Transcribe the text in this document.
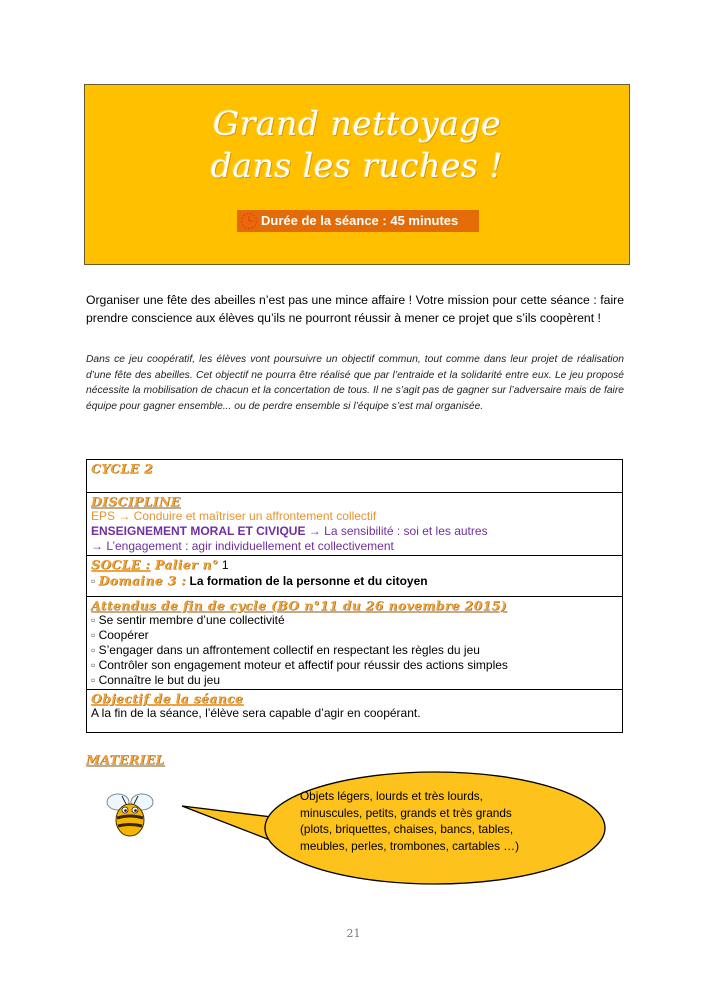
Grand nettoyage
dans les ruches !
Durée de la séance : 45 minutes

Organiser une fête des abeilles n’est pas une mince affaire ! Votre mission pour cette séance : faire prendre conscience aux élèves qu’ils ne pourront réussir à mener ce projet que s’ils coopèrent !

Dans ce jeu coopératif, les élèves vont poursuivre un objectif commun, tout comme dans leur projet de réalisation d’une fête des abeilles. Cet objectif ne pourra être réalisé que par l’entraide et la solidarité entre eux. Le jeu proposé nécessite la mobilisation de chacun et la concertation de tous. Il ne s’agit pas de gagner sur l’adversaire mais de faire équipe pour gagner ensemble... ou de perdre ensemble si l’équipe s’est mal organisée.

CYCLE 2

DISCIPLINE
EPS → Conduire et maîtriser un affrontement collectif
ENSEIGNEMENT MORAL ET CIVIQUE → La sensibilité : soi et les autres
→ L’engagement : agir individuellement et collectivement

SOCLE : Palier n° 1
▫ Domaine 3 : La formation de la personne et du citoyen

Attendus de fin de cycle (BO n°11 du 26 novembre 2015)
▫ Se sentir membre d’une collectivité
▫ Coopérer
▫ S’engager dans un affrontement collectif en respectant les règles du jeu
▫ Contrôler son engagement moteur et affectif pour réussir des actions simples
▫ Connaître le but du jeu

Objectif de la séance
A la fin de la séance, l’élève sera capable d’agir en coopérant.
MATERIEL
Objets légers, lourds et très lourds,
minuscules, petits, grands et très grands
(plots, briquettes, chaises, bancs, tables,
meubles, perles, trombones, cartables …)
21
